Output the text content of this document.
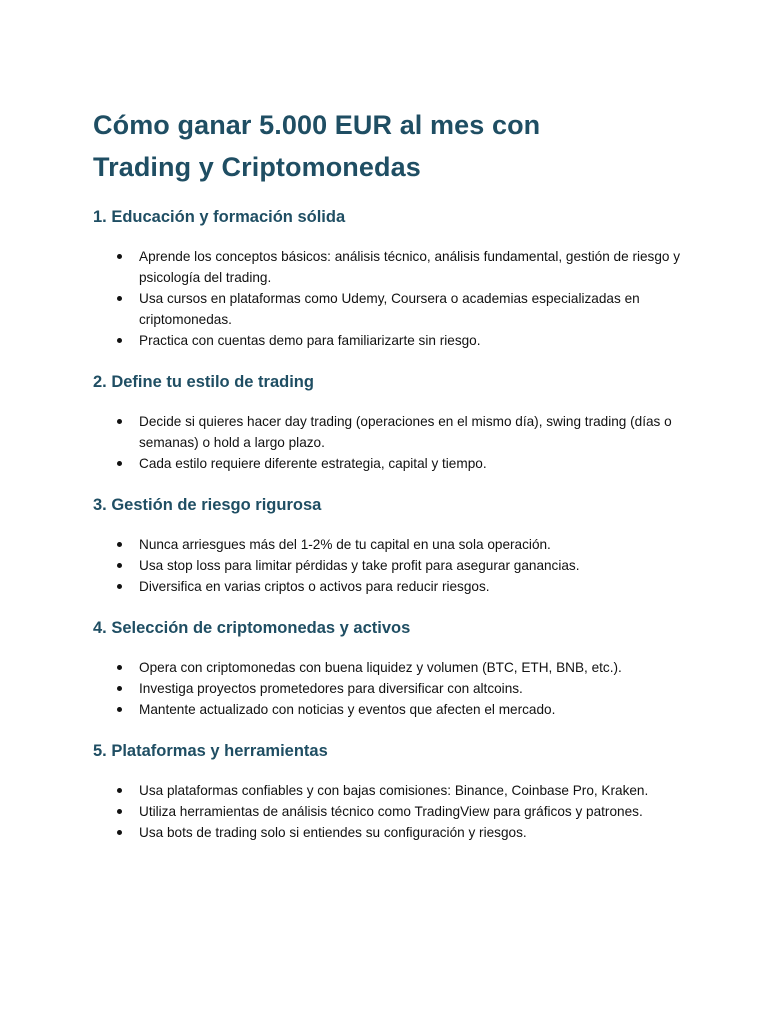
Cómo ganar 5.000 EUR al mes con
Trading y Criptomonedas
1. Educación y formación sólida
Aprende los conceptos básicos: análisis técnico, análisis fundamental, gestión de riesgo y psicología del trading.
Usa cursos en plataformas como Udemy, Coursera o academias especializadas en criptomonedas.
Practica con cuentas demo para familiarizarte sin riesgo.
2. Define tu estilo de trading
Decide si quieres hacer day trading (operaciones en el mismo día), swing trading (días o semanas) o hold a largo plazo.
Cada estilo requiere diferente estrategia, capital y tiempo.
3. Gestión de riesgo rigurosa
Nunca arriesgues más del 1-2% de tu capital en una sola operación.
Usa stop loss para limitar pérdidas y take profit para asegurar ganancias.
Diversifica en varias criptos o activos para reducir riesgos.
4. Selección de criptomonedas y activos
Opera con criptomonedas con buena liquidez y volumen (BTC, ETH, BNB, etc.).
Investiga proyectos prometedores para diversificar con altcoins.
Mantente actualizado con noticias y eventos que afecten el mercado.
5. Plataformas y herramientas
Usa plataformas confiables y con bajas comisiones: Binance, Coinbase Pro, Kraken.
Utiliza herramientas de análisis técnico como TradingView para gráficos y patrones.
Usa bots de trading solo si entiendes su configuración y riesgos.
